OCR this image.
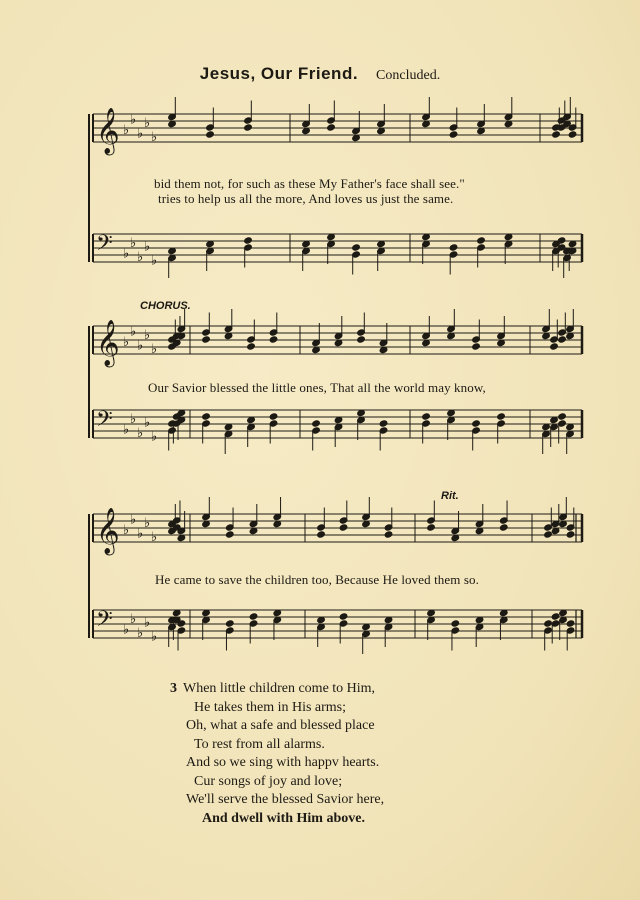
Jesus, Our Friend. Concluded.
𝄞 ♭
♭
♭
♭
♭
𝄢 ♭
♭
♭
♭
♭
𝄞 ♭
♭
♭
♭
♭
𝄢 ♭
♭
♭
♭
♭
𝄞 ♭
♭
♭
♭
♭
𝄢 ♭
♭
♭
♭
♭
bid them not, for such as these My Father's face shall see."
tries to help us all the more, And loves us just the same.
CHORUS.
Our Savior blessed the little ones, That all the world may know,
Rit.
He came to save the children too, Because He loved them so.
3 When little children come to Him,
He takes them in His arms;
Oh, what a safe and blessed place
To rest from all alarms.
And so we sing with happv hearts.
Cur songs of joy and love;
We'll serve the blessed Savior here,
And dwell with Him above.
